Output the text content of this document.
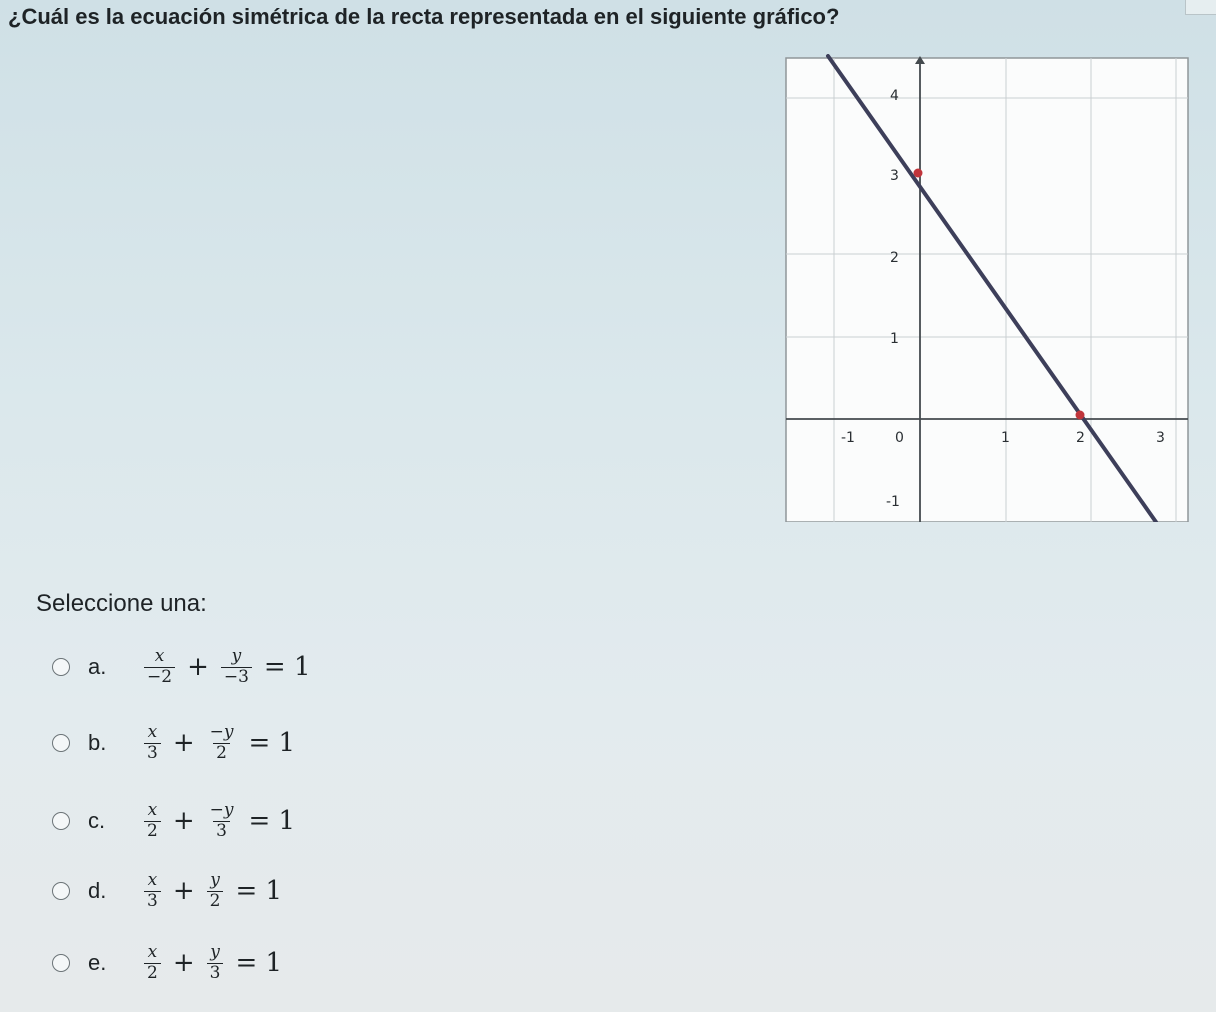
¿Cuál es la ecuación simétrica de la recta representada en el siguiente gráfico?
-1	0	1	2	3
4
3
2
1
-1
Seleccione una:
a.	$\frac{x}{-2} + \frac{y}{-3} = 1$
b.	$\frac{x}{3} + \frac{-y}{2} = 1$
c.	$\frac{x}{2} + \frac{-y}{3} = 1$
d.	$\frac{x}{3} + \frac{y}{2} = 1$
e.	$\frac{x}{2} + \frac{y}{3} = 1$
